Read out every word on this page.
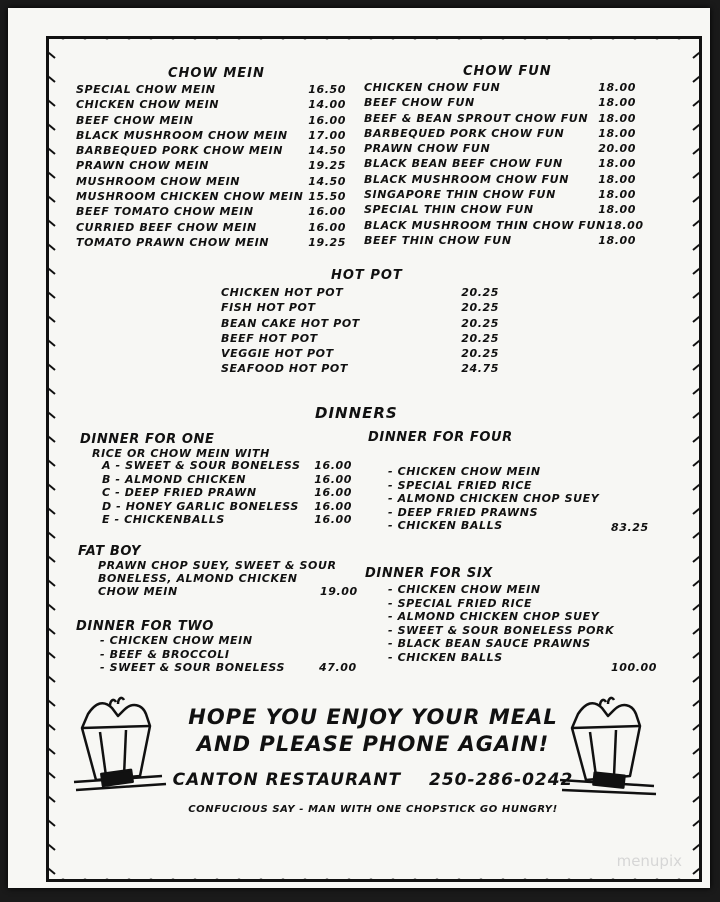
CHOW MEIN
SPECIAL CHOW MEIN	16.50
CHICKEN CHOW MEIN	14.00
BEEF CHOW MEIN	16.00
BLACK MUSHROOM CHOW MEIN 17.00
BARBEQUED PORK CHOW MEIN 14.50
PRAWN CHOW MEIN	19.25
MUSHROOM CHOW MEIN	14.50
MUSHROOM CHICKEN CHOW MEIN 15.50
BEEF TOMATO CHOW MEIN	16.00
CURRIED BEEF CHOW MEIN	16.00
TOMATO PRAWN CHOW MEIN	19.25
CHOW FUN
CHICKEN CHOW FUN	18.00
BEEF CHOW FUN	18.00
BEEF & BEAN SPROUT CHOW FUN 18.00
BARBEQUED PORK CHOW FUN	18.00
PRAWN CHOW FUN	20.00
BLACK BEAN BEEF CHOW FUN	18.00
BLACK MUSHROOM CHOW FUN	18.00
SINGAPORE THIN CHOW FUN	18.00
SPECIAL THIN CHOW FUN	18.00
BLACK MUSHROOM THIN CHOW FUN 18.00
BEEF THIN CHOW FUN	18.00
HOT POT
CHICKEN HOT POT	20.25
FISH HOT POT	20.25
BEAN CAKE HOT POT	20.25
BEEF HOT POT	20.25
VEGGIE HOT POT	20.25
SEAFOOD HOT POT	24.75
DINNERS
DINNER FOR ONE
RICE OR CHOW MEIN WITH
A - SWEET & SOUR BONELESS 16.00
B - ALMOND CHICKEN	16.00
C - DEEP FRIED PRAWN	16.00
D - HONEY GARLIC BONELESS 16.00
E - CHICKENBALLS	16.00
FAT BOY
PRAWN CHOP SUEY, SWEET & SOUR
BONELESS, ALMOND CHICKEN
CHOW MEIN	19.00
DINNER FOR TWO
- CHICKEN CHOW MEIN
- BEEF & BROCCOLI
- SWEET & SOUR BONELESS	47.00
DINNER FOR FOUR
- CHICKEN CHOW MEIN
- SPECIAL FRIED RICE
- ALMOND CHICKEN CHOP SUEY
- DEEP FRIED PRAWNS
- CHICKEN BALLS	83.25
DINNER FOR SIX
- CHICKEN CHOW MEIN
- SPECIAL FRIED RICE
- ALMOND CHICKEN CHOP SUEY
- SWEET & SOUR BONELESS PORK
- BLACK BEAN SAUCE PRAWNS
- CHICKEN BALLS
100.00
HOPE YOU ENJOY YOUR MEAL
AND PLEASE PHONE AGAIN!
CANTON RESTAURANT 250-286-0242
CONFUCIOUS SAY - MAN WITH ONE CHOPSTICK GO HUNGRY!
menupix
